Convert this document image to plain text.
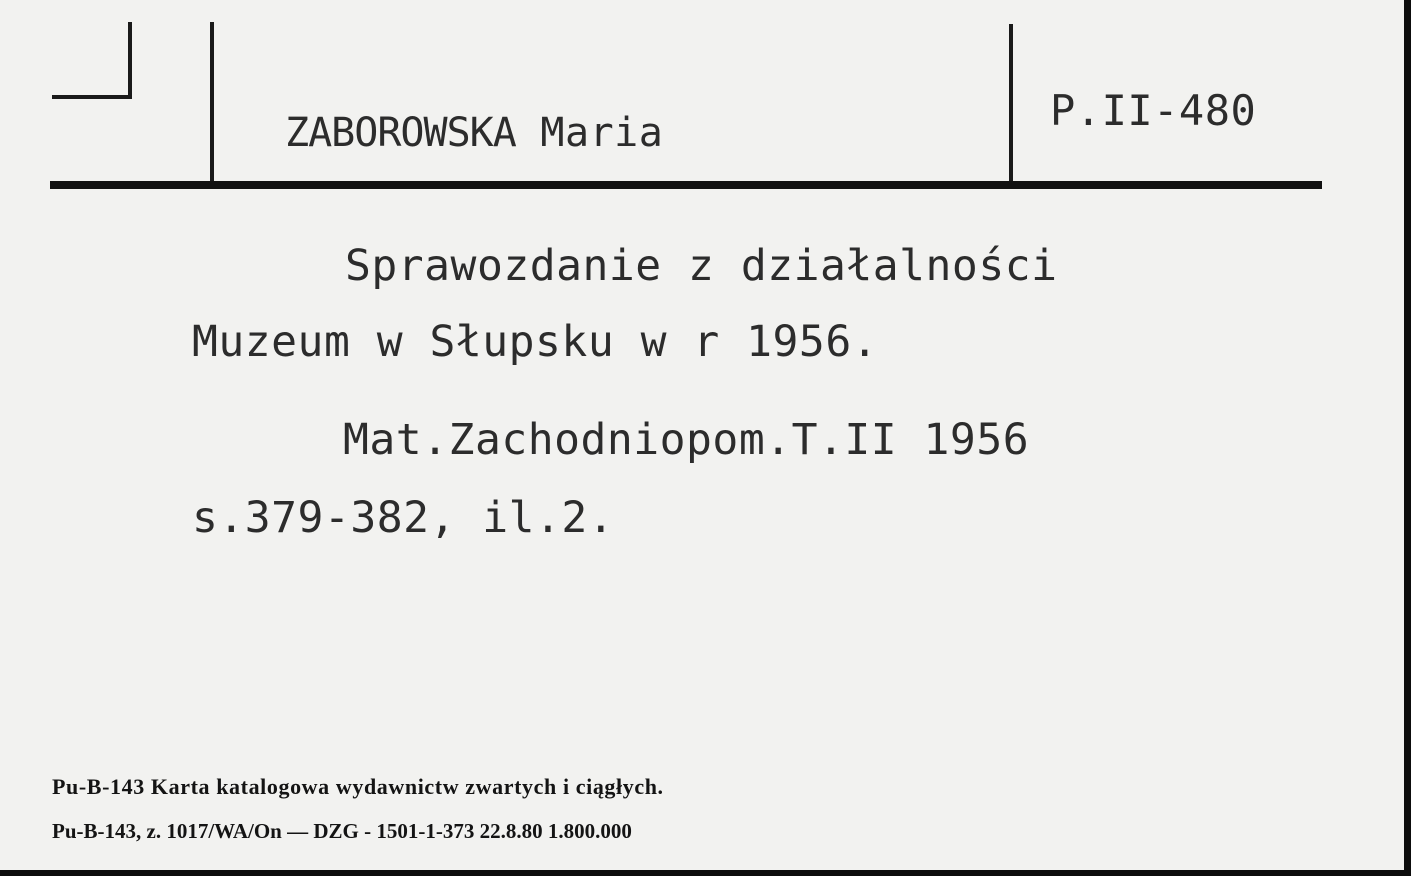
ZABOROWSKA Maria	P.II-480
Sprawozdanie z działalności
Muzeum w Słupsku w r 1956.
Mat.Zachodniopom.T.II 1956
s.379-382, il.2.
Pu-B-143 Karta katalogowa wydawnictw zwartych i ciągłych.
Pu-B-143, z. 1017/WA/On — DZG - 1501-1-373 22.8.80 1.800.000
